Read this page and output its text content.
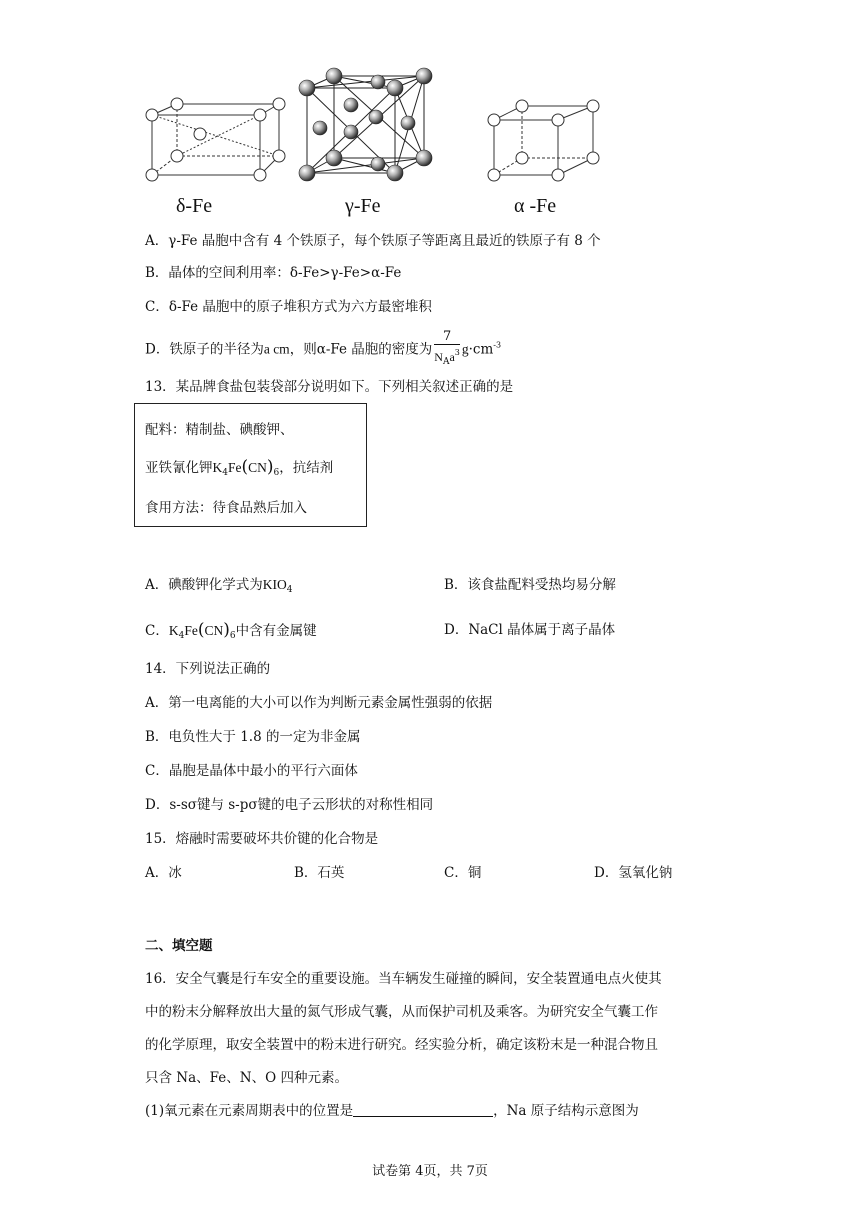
δ-Fe	γ-Fe	α -Fe
A．γ-Fe 晶胞中含有 4 个铁原子，每个铁原子等距离且最近的铁原子有 8 个
B．晶体的空间利用率：δ-Fe>γ-Fe>α-Fe
C．δ-Fe 晶胞中的原子堆积方式为六方最密堆积
D．铁原子的半径为a cm，则α-Fe 晶胞的密度为 $\frac{7}{N_Aa^3} g\cdot cm^{-3}$
13．某品牌食盐包装袋部分说明如下。下列相关叙述正确的是
配料：精制盐、碘酸钾、
亚铁氰化钾$K_4Fe(CN)_6$，抗结剂
食用方法：待食品熟后加入
A．碘酸钾化学式为$KIO_4$	B．该食盐配料受热均易分解
C．$K_4Fe(CN)_6$中含有金属键	D．NaCl 晶体属于离子晶体
14．下列说法正确的
A．第一电离能的大小可以作为判断元素金属性强弱的依据
B．电负性大于 1.8 的一定为非金属
C．晶胞是晶体中最小的平行六面体
D．s-sσ键与 s-pσ键的电子云形状的对称性相同
15．熔融时需要破坏共价键的化合物是
A．冰	B．石英	C．铜	D．氢氧化钠
二、填空题
16．安全气囊是行车安全的重要设施。当车辆发生碰撞的瞬间，安全装置通电点火使其
中的粉末分解释放出大量的氮气形成气囊，从而保护司机及乘客。为研究安全气囊工作
的化学原理，取安全装置中的粉末进行研究。经实验分析，确定该粉末是一种混合物且
只含 Na、Fe、N、O 四种元素。
(1)氧元素在元素周期表中的位置是	，Na 原子结构示意图为
试卷第 4页，共 7页
